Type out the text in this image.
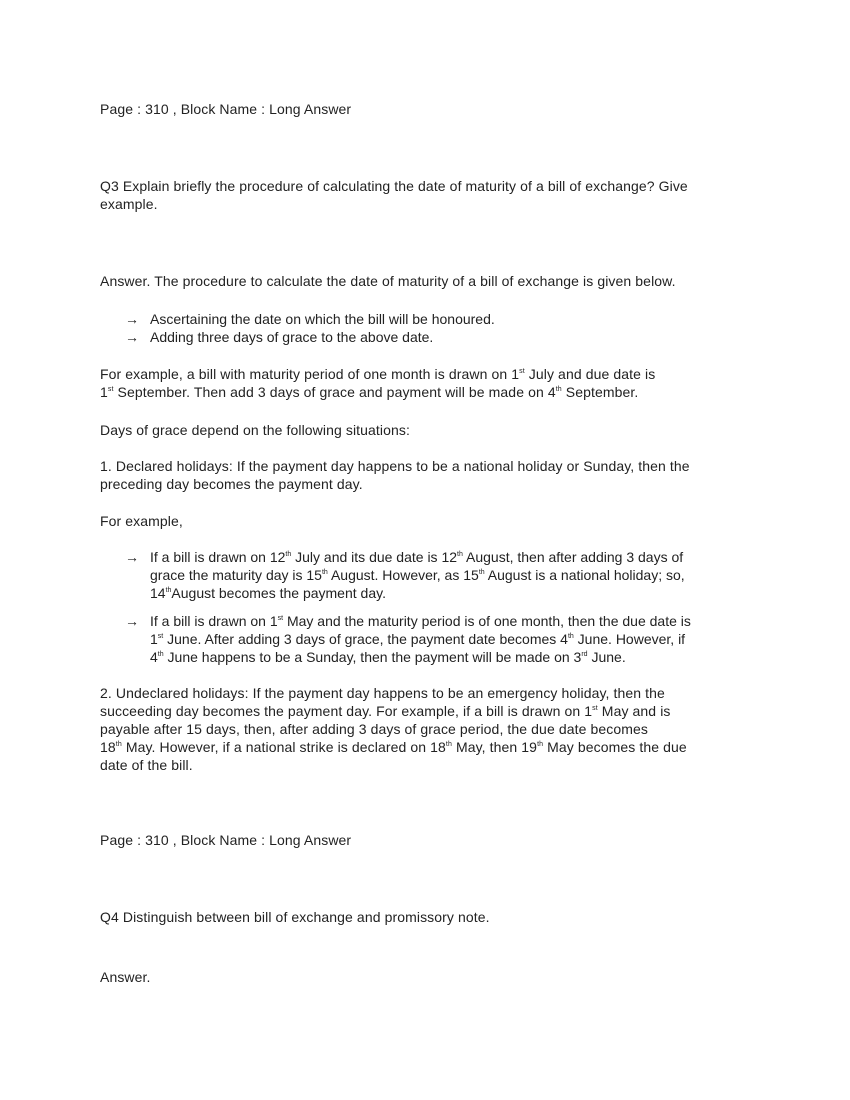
Page : 310 , Block Name : Long Answer

Q3 Explain briefly the procedure of calculating the date of maturity of a bill of exchange? Give example.

Answer. The procedure to calculate the date of maturity of a bill of exchange is given below.

→ Ascertaining the date on which the bill will be honoured.
→ Adding three days of grace to the above date.

For example, a bill with maturity period of one month is drawn on 1st July and due date is
1st September. Then add 3 days of grace and payment will be made on 4th September.

Days of grace depend on the following situations:

1. Declared holidays: If the payment day happens to be a national holiday or Sunday, then the
preceding day becomes the payment day.

For example,

→ If a bill is drawn on 12th July and its due date is 12th August, then after adding 3 days of
grace the maturity day is 15th August. However, as 15th August is a national holiday; so,
14thAugust becomes the payment day.
→ If a bill is drawn on 1st May and the maturity period is of one month, then the due date is
1st June. After adding 3 days of grace, the payment date becomes 4th June. However, if
4th June happens to be a Sunday, then the payment will be made on 3rd June.

2. Undeclared holidays: If the payment day happens to be an emergency holiday, then the
succeeding day becomes the payment day. For example, if a bill is drawn on 1st May and is
payable after 15 days, then, after adding 3 days of grace period, the due date becomes
18th May. However, if a national strike is declared on 18th May, then 19th May becomes the due
date of the bill.

Page : 310 , Block Name : Long Answer

Q4 Distinguish between bill of exchange and promissory note.

Answer.
